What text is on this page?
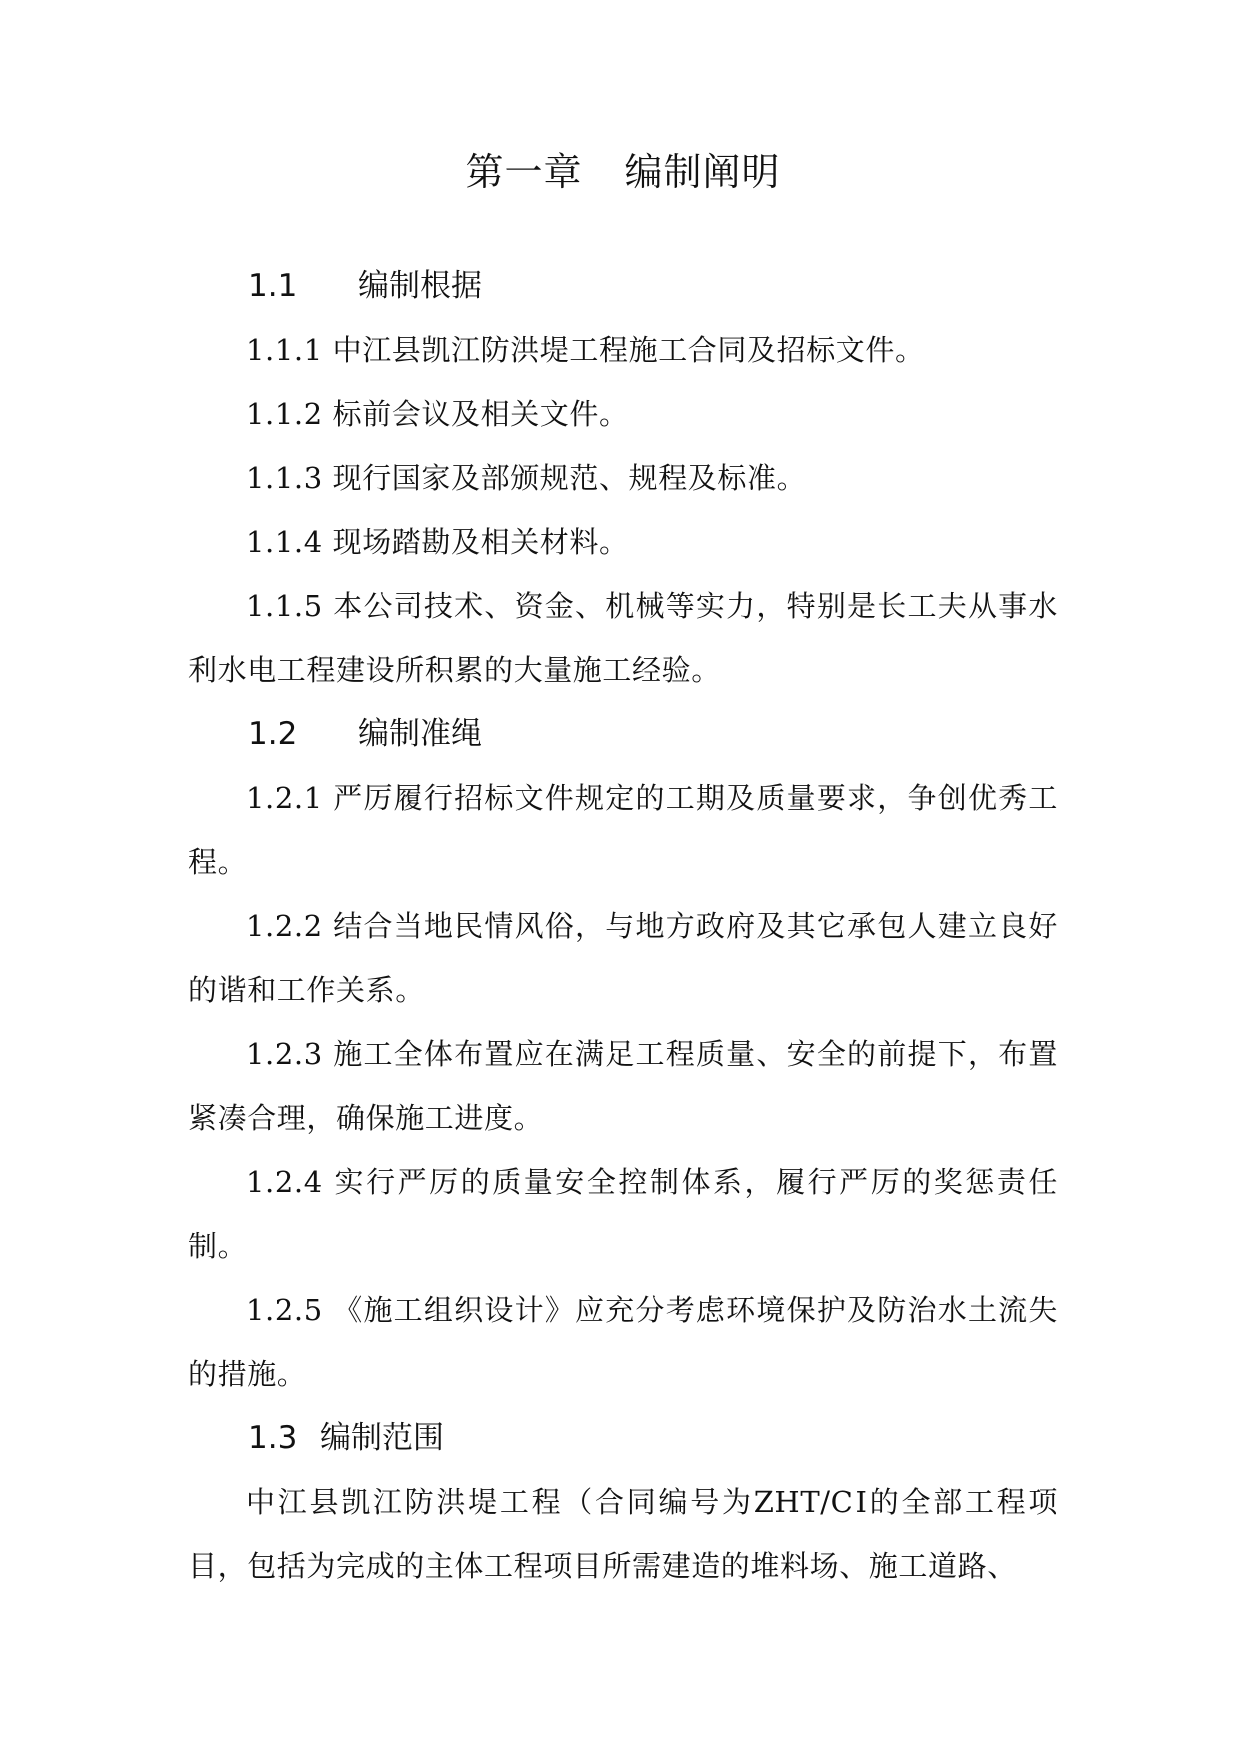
第一章 编制阐明
1.1 编制根据

1.1.1 中江县凯江防洪堤工程施工合同及招标文件。

1.1.2 标前会议及相关文件。

1.1.3 现行国家及部颁规范、规程及标准。

1.1.4 现场踏勘及相关材料。

1.1.5 本公司技术、资金、机械等实力，特别是长工夫从事水利水电工程建设所积累的大量施工经验。

1.2 编制准绳

1.2.1 严厉履行招标文件规定的工期及质量要求，争创优秀工程。

1.2.2 结合当地民情风俗，与地方政府及其它承包人建立良好的谐和工作关系。

1.2.3 施工全体布置应在满足工程质量、安全的前提下，布置紧凑合理，确保施工进度。

1.2.4 实行严厉的质量安全控制体系，履行严厉的奖惩责任制。

1.2.5 《施工组织设计》应充分考虑环境保护及防治水土流失的措施。

1.3 编制范围

中江县凯江防洪堤工程（合同编号为ZHT/CⅠ的全部工程项目，包括为完成的主体工程项目所需建造的堆料场、施工道路、
